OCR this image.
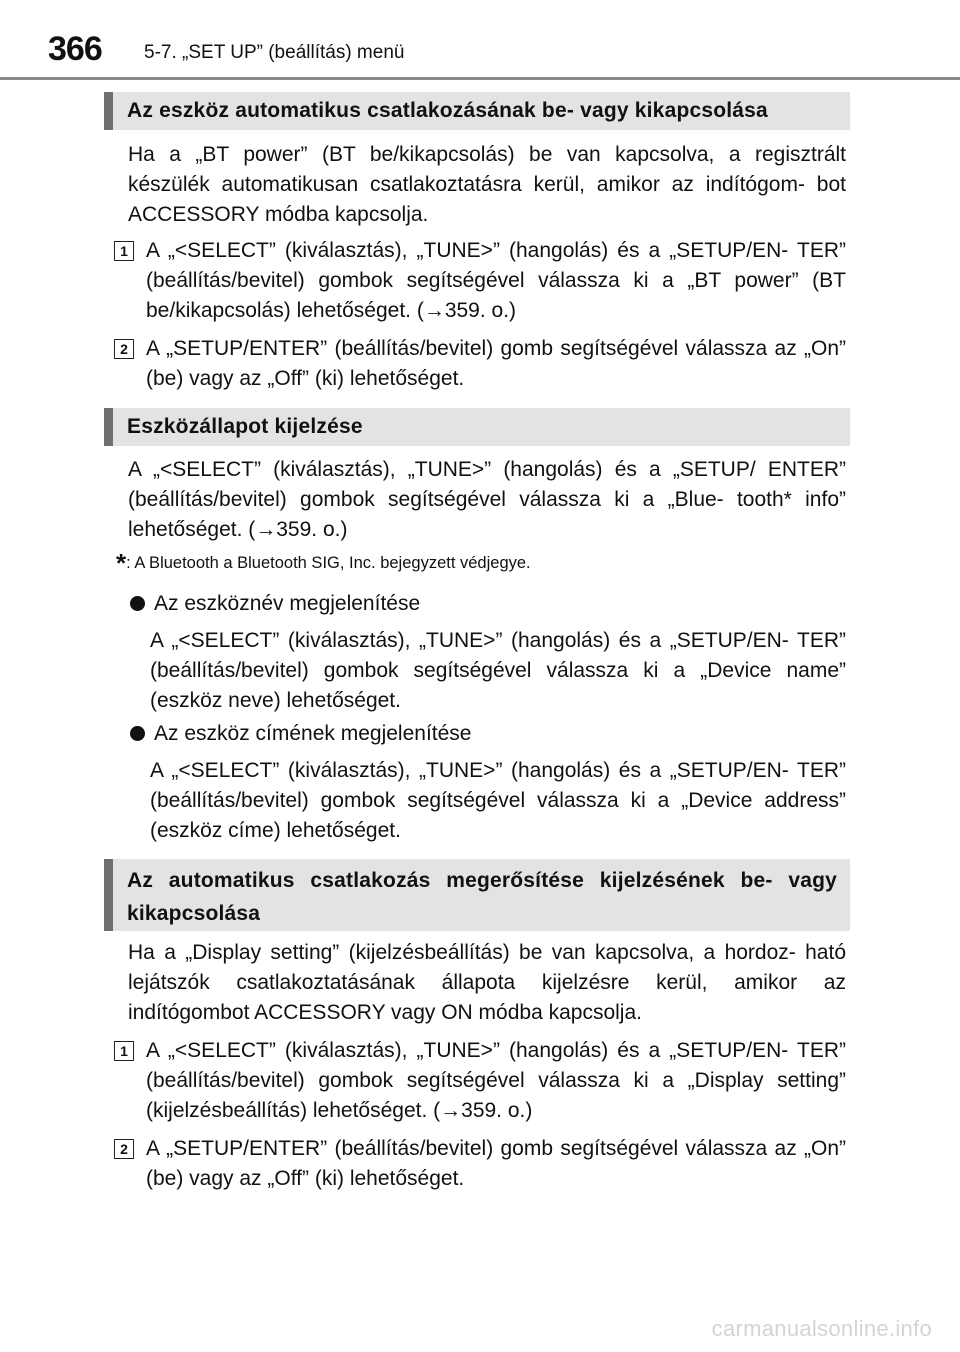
366 5-7. „SET UP” (beállítás) menü
Az eszköz automatikus csatlakozásának be- vagy kikapcsolása
Ha a „BT power” (BT be/kikapcsolás) be van kapcsolva, a regisztrált készülék automatikusan csatlakoztatásra kerül, amikor az indítógom- bot ACCESSORY módba kapcsolja.
1 A „<SELECT” (kiválasztás), „TUNE>” (hangolás) és a „SETUP/EN- TER” (beállítás/bevitel) gombok segítségével válassza ki a „BT power” (BT be/kikapcsolás) lehetőséget. (→359. o.)
2 A „SETUP/ENTER” (beállítás/bevitel) gomb segítségével válassza az „On” (be) vagy az „Off” (ki) lehetőséget.
Eszközállapot kijelzése
A „<SELECT” (kiválasztás), „TUNE>” (hangolás) és a „SETUP/ ENTER” (beállítás/bevitel) gombok segítségével válassza ki a „Blue- tooth* info” lehetőséget. (→359. o.)
*: A Bluetooth a Bluetooth SIG, Inc. bejegyzett védjegye.
Az eszköznév megjelenítése
A „<SELECT” (kiválasztás), „TUNE>” (hangolás) és a „SETUP/EN- TER” (beállítás/bevitel) gombok segítségével válassza ki a „Device name” (eszköz neve) lehetőséget.
Az eszköz címének megjelenítése
A „<SELECT” (kiválasztás), „TUNE>” (hangolás) és a „SETUP/EN- TER” (beállítás/bevitel) gombok segítségével válassza ki a „Device address” (eszköz címe) lehetőséget.
Az automatikus csatlakozás megerősítése kijelzésének be- vagy
kikapcsolása
Ha a „Display setting” (kijelzésbeállítás) be van kapcsolva, a hordoz- ható lejátszók csatlakoztatásának állapota kijelzésre kerül, amikor az indítógombot ACCESSORY vagy ON módba kapcsolja.
1 A „<SELECT” (kiválasztás), „TUNE>” (hangolás) és a „SETUP/EN- TER” (beállítás/bevitel) gombok segítségével válassza ki a „Display setting” (kijelzésbeállítás) lehetőséget. (→359. o.)
2 A „SETUP/ENTER” (beállítás/bevitel) gomb segítségével válassza az „On” (be) vagy az „Off” (ki) lehetőséget.
carmanualsonline.info
